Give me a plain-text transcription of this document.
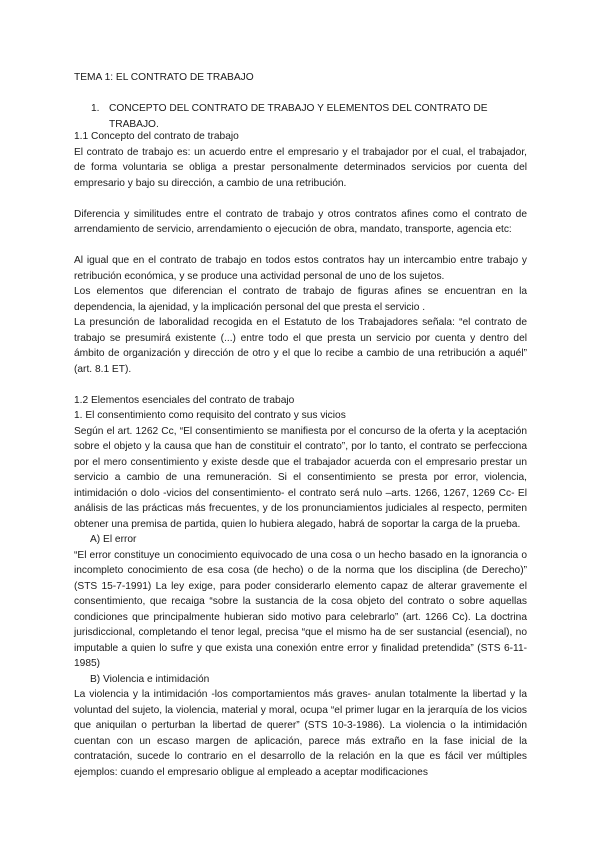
TEMA 1: EL CONTRATO DE TRABAJO
1. CONCEPTO DEL CONTRATO DE TRABAJO Y ELEMENTOS DEL CONTRATO DE TRABAJO.

1.1 Concepto del contrato de trabajo

El contrato de trabajo es: un acuerdo entre el empresario y el trabajador por el cual, el trabajador, de forma voluntaria se obliga a prestar personalmente determinados servicios por cuenta del empresario y bajo su dirección, a cambio de una retribución.

Diferencia y similitudes entre el contrato de trabajo y otros contratos afines como el contrato de arrendamiento de servicio, arrendamiento o ejecución de obra, mandato, transporte, agencia etc:

Al igual que en el contrato de trabajo en todos estos contratos hay un intercambio entre trabajo y retribución económica, y se produce una actividad personal de uno de los sujetos.

Los elementos que diferencian el contrato de trabajo de figuras afines se encuentran en la dependencia, la ajenidad, y la implicación personal del que presta el servicio .

La presunción de laboralidad recogida en el Estatuto de los Trabajadores señala: “el contrato de trabajo se presumirá existente (...) entre todo el que presta un servicio por cuenta y dentro del ámbito de organización y dirección de otro y el que lo recibe a cambio de una retribución a aquél” (art. 8.1 ET).

1.2 Elementos esenciales del contrato de trabajo

1. El consentimiento como requisito del contrato y sus vicios

Según el art. 1262 Cc, “El consentimiento se manifiesta por el concurso de la oferta y la aceptación sobre el objeto y la causa que han de constituir el contrato”, por lo tanto, el contrato se perfecciona por el mero consentimiento y existe desde que el trabajador acuerda con el empresario prestar un servicio a cambio de una remuneración. Si el consentimiento se presta por error, violencia, intimidación o dolo -vicios del consentimiento- el contrato será nulo –arts. 1266, 1267, 1269 Cc- El análisis de las prácticas más frecuentes, y de los pronunciamientos judiciales al respecto, permiten obtener una premisa de partida, quien lo hubiera alegado, habrá de soportar la carga de la prueba.

A) El error

“El error constituye un conocimiento equivocado de una cosa o un hecho basado en la ignorancia o incompleto conocimiento de esa cosa (de hecho) o de la norma que los disciplina (de Derecho)” (STS 15-7-1991) La ley exige, para poder considerarlo elemento capaz de alterar gravemente el consentimiento, que recaiga “sobre la sustancia de la cosa objeto del contrato o sobre aquellas condiciones que principalmente hubieran sido motivo para celebrarlo” (art. 1266 Cc). La doctrina jurisdiccional, completando el tenor legal, precisa “que el mismo ha de ser sustancial (esencial), no imputable a quien lo sufre y que exista una conexión entre error y finalidad pretendida” (STS 6-11-1985)

B) Violencia e intimidación

La violencia y la intimidación -los comportamientos más graves- anulan totalmente la libertad y la voluntad del sujeto, la violencia, material y moral, ocupa “el primer lugar en la jerarquía de los vicios que aniquilan o perturban la libertad de querer” (STS 10-3-1986). La violencia o la intimidación cuentan con un escaso margen de aplicación, parece más extraño en la fase inicial de la contratación, sucede lo contrario en el desarrollo de la relación en la que es fácil ver múltiples ejemplos: cuando el empresario obligue al empleado a aceptar modificaciones
